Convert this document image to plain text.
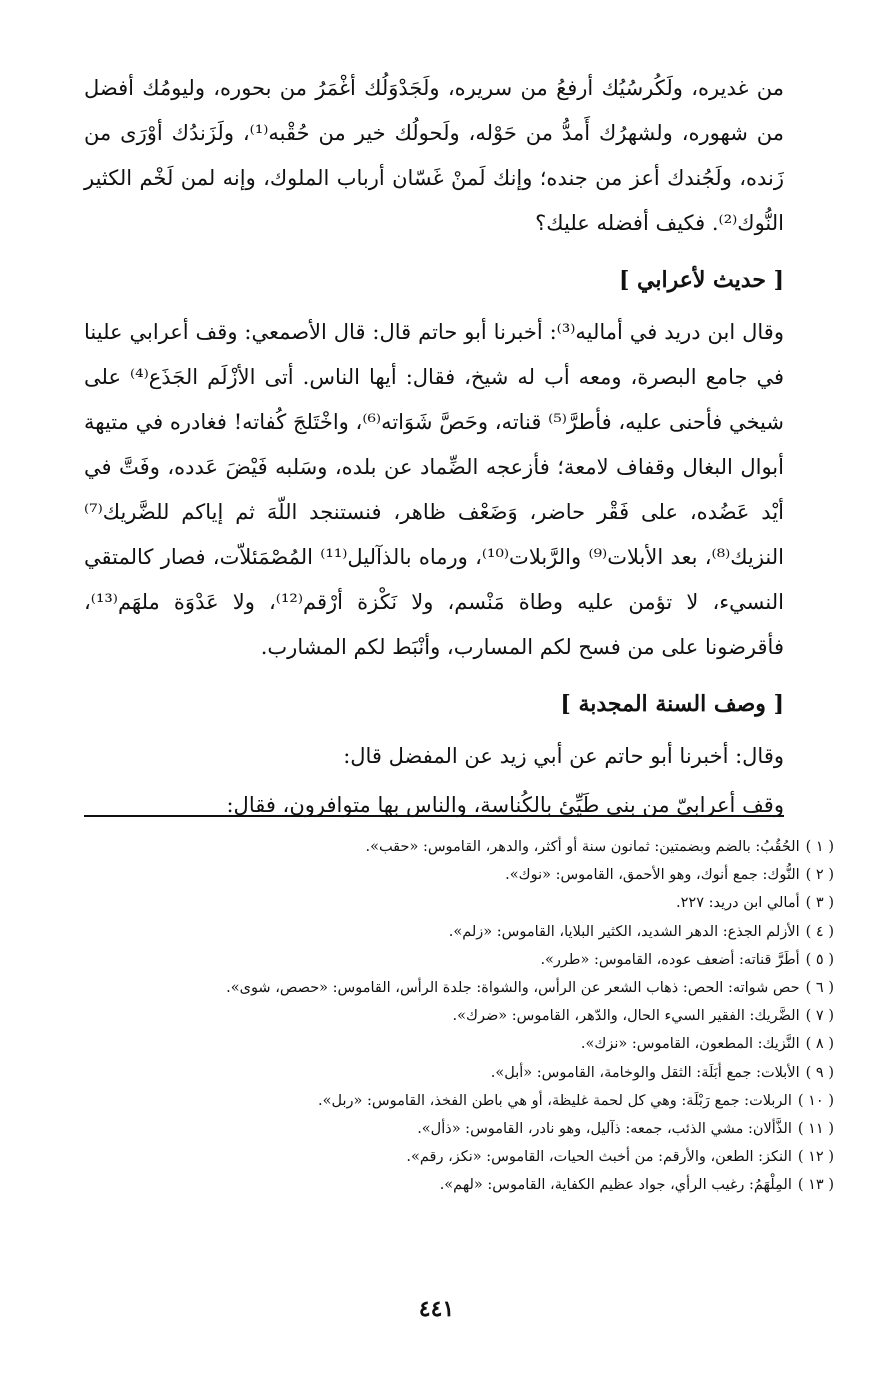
من غديره، ولَكُرسُيُك أرفعُ من سريره، ولَجَدْوَلُك أغْمَرُ من بحوره، وليومُك أفضل من شهوره، ولشهرُك أَمدُّ من حَوْله، ولَحولُك خير من حُقْبه⁽¹⁾، ولَزَندُك أوْرَى من زَنده، ولَجُندك أعز من جنده؛ وإنك لَمنْ غَسّان أرباب الملوك، وإنه لمن لَخْم الكثير النُّوك⁽²⁾. فكيف أفضله عليك؟

[ حديث لأعرابي ]

وقال ابن دريد في أماليه⁽³⁾: أخبرنا أبو حاتم قال: قال الأصمعي: وقف أعرابي علينا في جامع البصرة، ومعه أب له شيخ، فقال: أيها الناس. أتى الأزْلَم الجَذَع⁽⁴⁾ على شيخي فأحنى عليه، فأطرَّ⁽⁵⁾ قناته، وحَصَّ شَوَاته⁽⁶⁾، واخْتَلجَ كُفاته! فغادره في متيهة أبوال البغال وقفاف لامعة؛ فأزعجه الضِّماد عن بلده، وسَلبه فَيْضَ عَدده، وفَتَّ في أيْد عَضُده، على فَقْر حاضر، وَضَعْف ظاهر، فنستنجد اللّهَ ثم إياكم للضَّريك⁽⁷⁾ النزيك⁽⁸⁾، بعد الأبلات⁽⁹⁾ والرَّبلات⁽¹⁰⁾، ورماه بالذآليل⁽¹¹⁾ المُصْمَئلاّت، فصار كالمتقي النسيء، لا تؤمن عليه وطاة مَنْسم، ولا نَكْزة أرْقم⁽¹²⁾، ولا عَدْوَة ملهَم⁽¹³⁾، فأقرضونا على من فسح لكم المسارب، وأنْبَط لكم المشارب.

[ وصف السنة المجدبة ]

وقال: أخبرنا أبو حاتم عن أبي زيد عن المفضل قال:

وقف أعرابيّ من بني طَيِّئ بالكُناسة، والناس بها متوافرون، فقال:

( ١ )الحُقُبُ: بالضم وبضمتين: ثمانون سنة أو أكثر، والدهر، القاموس: «حقب».

( ٢ )النُّوك: جمع أنوك، وهو الأحمق، القاموس: «نوك».

( ٣ )أمالي ابن دريد: ٢٢٧.

( ٤ )الأزلم الجذع: الدهر الشديد، الكثير البلايا، القاموس: «زلم».

( ٥ )أطَرَّ قناته: أضعف عوده، القاموس: «طرر».

( ٦ )حص شواته: الحص: ذهاب الشعر عن الرأس، والشواة: جلدة الرأس، القاموس: «حصص، شوى».

( ٧ )الضَّريك: الفقير السيء الحال، والدّهر، القاموس: «ضرك».

( ٨ )النَّزيك: المطعون، القاموس: «نزك».

( ٩ )الأبلات: جمع أبَلَة: الثقل والوخامة، القاموس: «أبل».

( ١٠ )الربلات: جمع رَبْلَة: وهي كل لحمة غليظة، أو هي باطن الفخذ، القاموس: «ربل».

( ١١ )الذَّألان: مشي الذئب، جمعه: ذآليل، وهو نادر، القاموس: «ذأل».

( ١٢ )النكز: الطعن، والأرقم: من أخبث الحيات، القاموس: «نكز، رقم».

( ١٣ )المِلْهَمُ: رغيب الرأي، جواد عظيم الكفاية، القاموس: «لهم».

٤٤١
